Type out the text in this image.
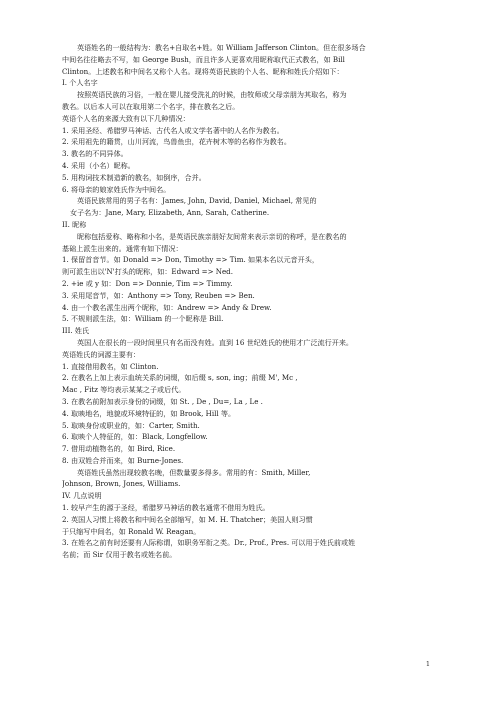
英语姓名的一般结构为：教名+自取名+姓。如 William Jafferson Clinton。但在很多场合
中间名往往略去不写，如 George Bush，而且许多人更喜欢用昵称取代正式教名，如 Bill
Clinton。上述教名和中间名又称个人名。现将英语民族的个人名、昵称和姓氏介绍如下：
I. 个人名字
按照英语民族的习俗，一般在婴儿接受洗礼的时候，由牧师或父母亲朋为其取名，称为
教名。以后本人可以在取用第二个名字，排在教名之后。
英语个人名的来源大致有以下几种情况：
1. 采用圣经、希腊罗马神话、古代名人或文学名著中的人名作为教名。
2. 采用祖先的籍贯，山川河流，鸟兽鱼虫，花卉树木等的名称作为教名。
3. 教名的不同异体。
4. 采用（小名）昵称。
5. 用构词技术制造新的教名，如倒序，合并。
6. 将母亲的娘家姓氏作为中间名。
英语民族常用的男子名有：James, John, David, Daniel, Michael, 常见的
女子名为：Jane, Mary, Elizabeth, Ann, Sarah, Catherine.
II. 昵称
昵称包括爱称、略称和小名，是英语民族亲朋好友间常来表示亲切的称呼，是在教名的
基础上派生出来的。通常有如下情况：
1. 保留首音节。如 Donald => Don, Timothy => Tim. 如果本名以元音开头，
则可派生出以'N'打头的昵称，如：Edward => Ned.
2. +ie 或 y 如：Don => Donnie, Tim => Timmy.
3. 采用尾音节，如：Anthony => Tony, Reuben => Ben.
4. 由一个教名派生出两个昵称，如：Andrew => Andy & Drew.
5. 不规则派生法，如：William 的一个昵称是 Bill.
III. 姓氏
英国人在很长的一段时间里只有名而没有姓。直到 16 世纪姓氏的使用才广泛流行开来。
英语姓氏的词源主要有：
1. 直接借用教名，如 Clinton.
2. 在教名上加上表示血统关系的词缀，如后缀 s, son, ing；前缀 M', Mc ,
Mac , Fitz 等均表示某某之子或后代。
3. 在教名前附加表示身份的词缀，如 St. , De , Du=, La , Le .
4. 取映地名，地貌或环境特征的，如 Brook, Hill 等。
5. 取映身份或职业的，如：Carter, Smith.
6. 取映个人特征的，如：Black, Longfellow.
7. 借用动植物名的，如 Bird, Rice.
8. 由双姓合并而来，如 Burne-Jones.
英语姓氏虽然出现较教名晚，但数量要多得多。常用的有：Smith, Miller,
Johnson, Brown, Jones, Williams.
IV. 几点说明
1. 较早产生的源于圣经，希腊罗马神话的教名通常不借用为姓氏。
2. 英国人习惯上将教名和中间名全部缩写，如 M. H. Thatcher；美国人则习惯
于只缩写中间名，如 Ronald W. Reagan。
3. 在姓名之前有时还要有人际称谓，如职务军衔之类。Dr., Prof., Pres. 可以用于姓氏前或姓
名前；而 Sir 仅用于教名或姓名前。
1
